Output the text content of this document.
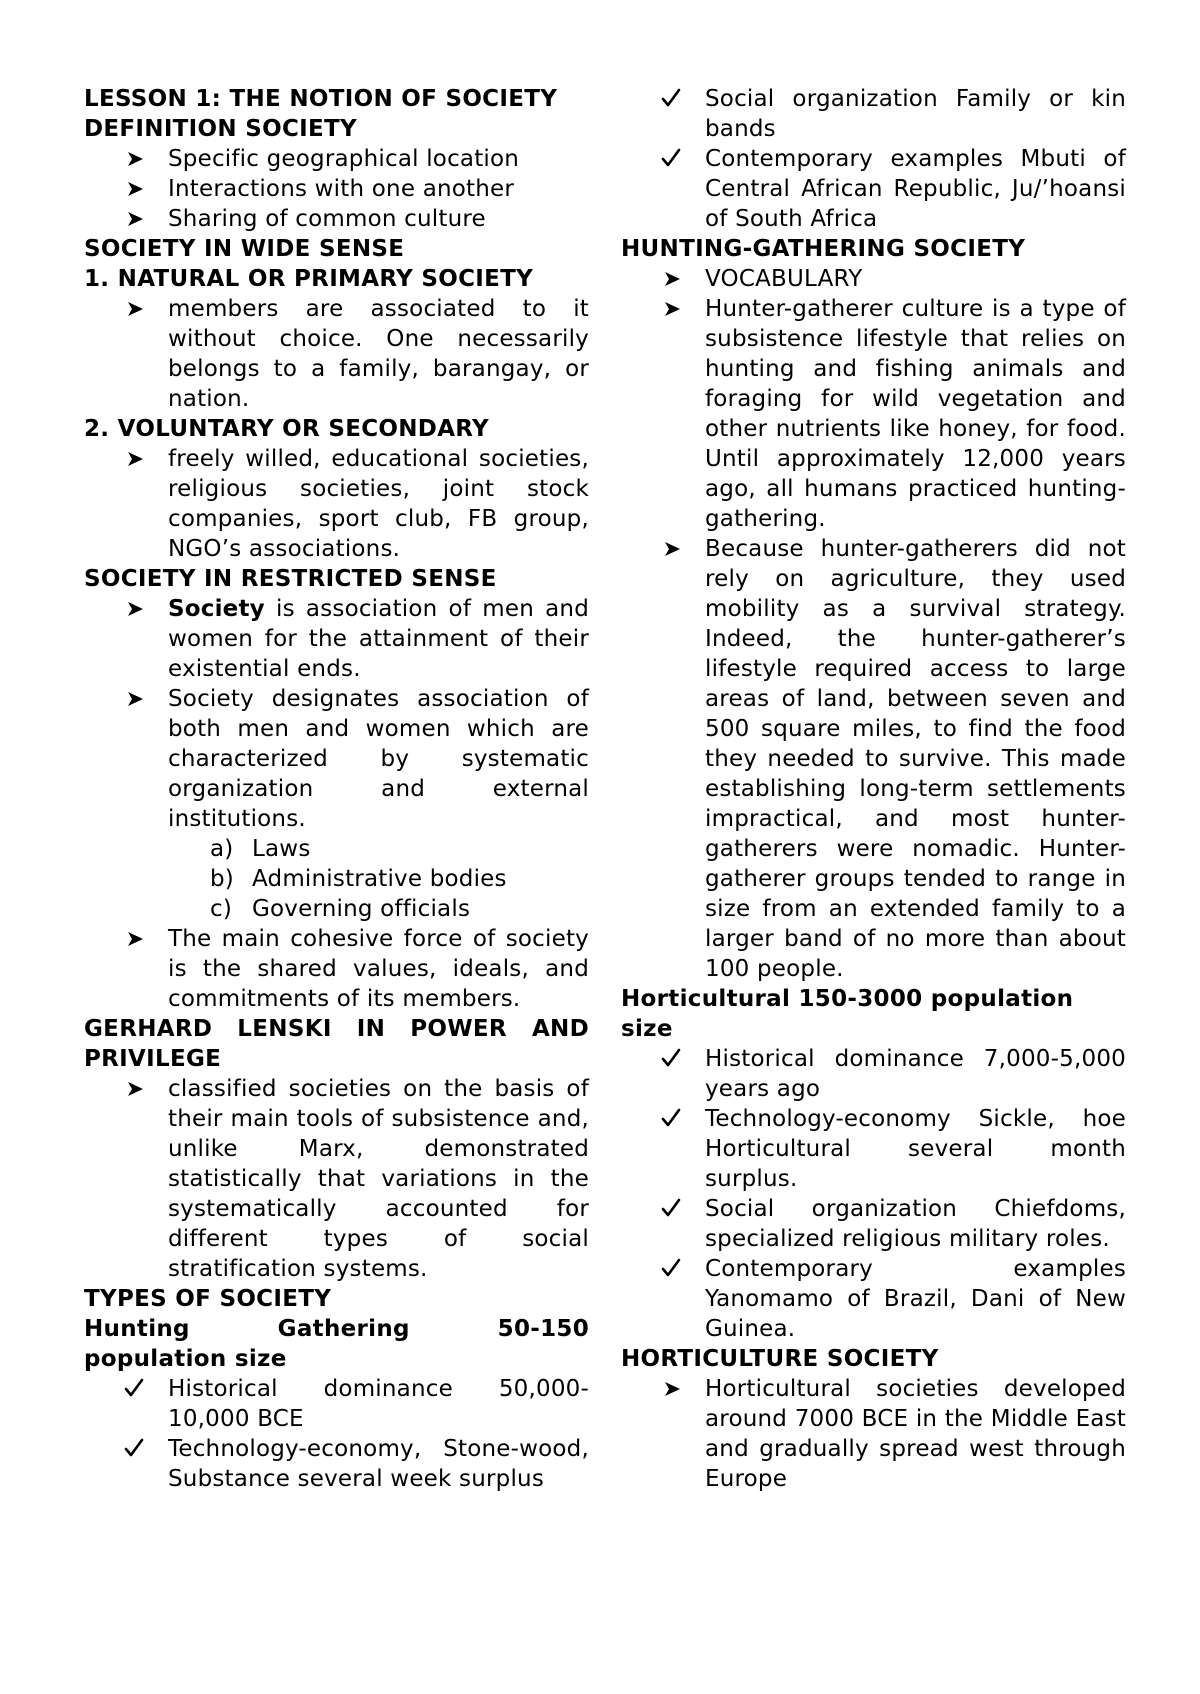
LESSON 1: THE NOTION OF SOCIETY
DEFINITION SOCIETY
Specific geographical location
Interactions with one another
Sharing of common culture
SOCIETY IN WIDE SENSE
1. NATURAL OR PRIMARY SOCIETY
members are associated to it without choice. One necessarily belongs to a family, barangay, or nation.
2. VOLUNTARY OR SECONDARY
freely willed, educational societies, religious societies, joint stock companies, sport club, FB group, NGO’s associations.
SOCIETY IN RESTRICTED SENSE
Society is association of men and women for the attainment of their existential ends.
Society designates association of both men and women which are characterized by systematic organization and external institutions.
a) Laws
b) Administrative bodies
c) Governing officials
The main cohesive force of society is the shared values, ideals, and commitments of its members.
GERHARD LENSKI IN POWER AND
PRIVILEGE
classified societies on the basis of their main tools of subsistence and, unlike Marx, demonstrated statistically that variations in the systematically accounted for different types of social stratification systems.
TYPES OF SOCIETY
Hunting Gathering 50-150
population size
Historical dominance 50,000-10,000 BCE
Technology-economy, Stone-wood, Substance several week surplus
Social organization Family or kin bands
Contemporary examples Mbuti of Central African Republic, Ju/’hoansi of South Africa
HUNTING-GATHERING SOCIETY
VOCABULARY
Hunter-gatherer culture is a type of subsistence lifestyle that relies on hunting and fishing animals and foraging for wild vegetation and other nutrients like honey, for food. Until approximately 12,000 years ago, all humans practiced hunting-gathering.
Because hunter-gatherers did not rely on agriculture, they used mobility as a survival strategy. Indeed, the hunter-gatherer’s lifestyle required access to large areas of land, between seven and 500 square miles, to find the food they needed to survive. This made establishing long-term settlements impractical, and most hunter-gatherers were nomadic. Hunter-gatherer groups tended to range in size from an extended family to a larger band of no more than about 100 people.
Horticultural 150-3000 population size
Historical dominance 7,000-5,000 years ago
Technology-economy Sickle, hoe Horticultural several month surplus.
Social organization Chiefdoms, specialized religious military roles.
Contemporary examples Yanomamo of Brazil, Dani of New Guinea.
HORTICULTURE SOCIETY
Horticultural societies developed around 7000 BCE in the Middle East and gradually spread west through Europe
